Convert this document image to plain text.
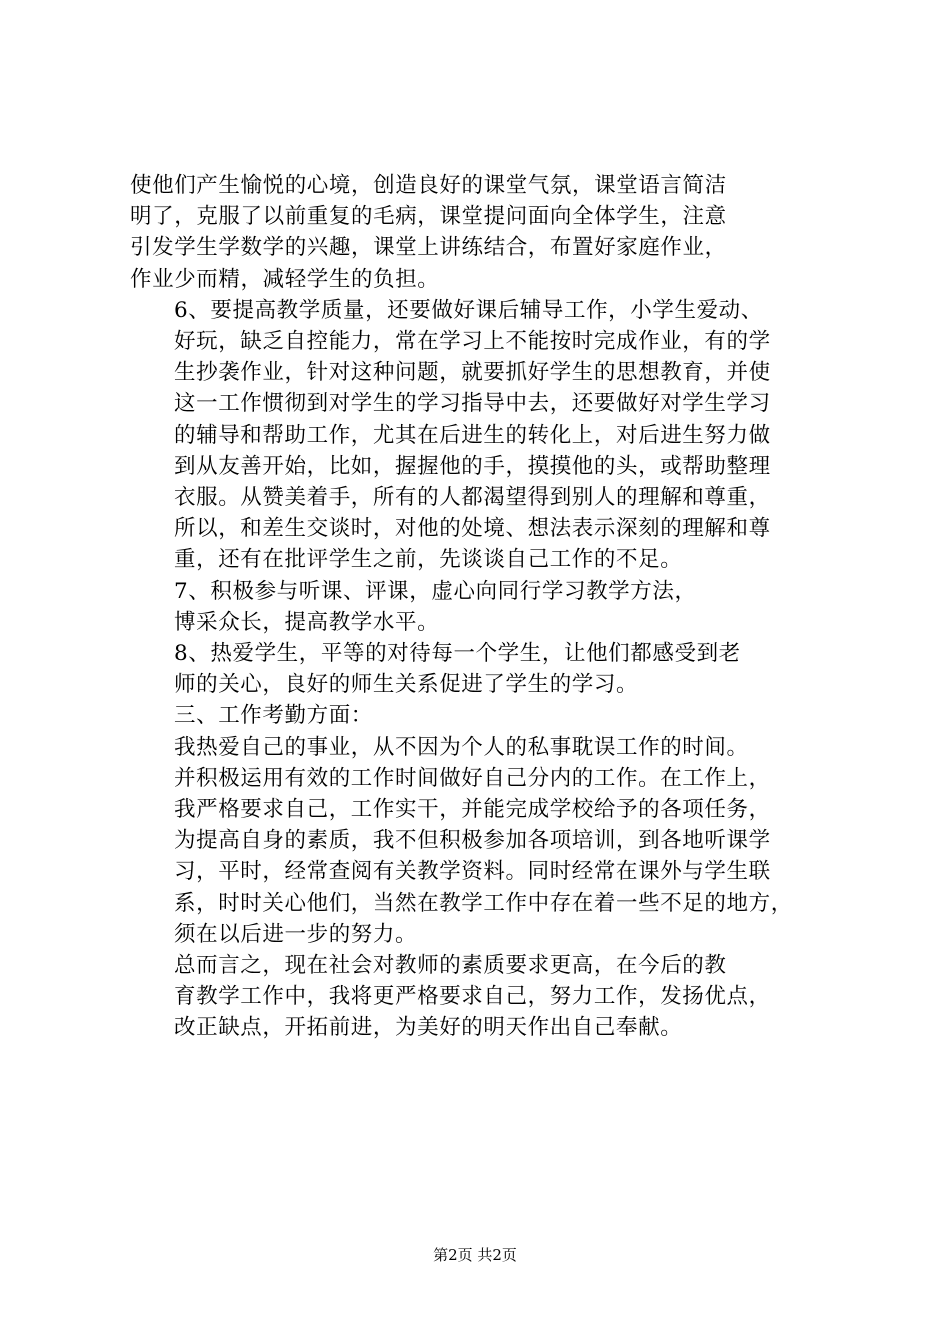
使他们产生愉悦的心境，创造良好的课堂气氛，课堂语言简洁
明了，克服了以前重复的毛病，课堂提问面向全体学生，注意
引发学生学数学的兴趣，课堂上讲练结合，布置好家庭作业，
作业少而精，减轻学生的负担。

6、要提高教学质量，还要做好课后辅导工作，小学生爱动、
好玩，缺乏自控能力，常在学习上不能按时完成作业，有的学
生抄袭作业，针对这种问题，就要抓好学生的思想教育，并使
这一工作惯彻到对学生的学习指导中去，还要做好对学生学习
的辅导和帮助工作，尤其在后进生的转化上，对后进生努力做
到从友善开始，比如，握握他的手，摸摸他的头，或帮助整理
衣服。从赞美着手，所有的人都渴望得到别人的理解和尊重，
所以，和差生交谈时，对他的处境、想法表示深刻的理解和尊
重，还有在批评学生之前，先谈谈自己工作的不足。

7、积极参与听课、评课，虚心向同行学习教学方法，

博采众长，提高教学水平。

8、热爱学生，平等的对待每一个学生，让他们都感受到老
师的关心，良好的师生关系促进了学生的学习。

三、工作考勤方面：

我热爱自己的事业，从不因为个人的私事耽误工作的时间。
并积极运用有效的工作时间做好自己分内的工作。在工作上，
我严格要求自己，工作实干，并能完成学校给予的各项任务，
为提高自身的素质，我不但积极参加各项培训，到各地听课学
习，平时，经常查阅有关教学资料。同时经常在课外与学生联
系，时时关心他们，当然在教学工作中存在着一些不足的地方，
须在以后进一步的努力。

总而言之，现在社会对教师的素质要求更高，在今后的教
育教学工作中，我将更严格要求自己，努力工作，发扬优点，
改正缺点，开拓前进，为美好的明天作出自己奉献。

第2页 共2页
